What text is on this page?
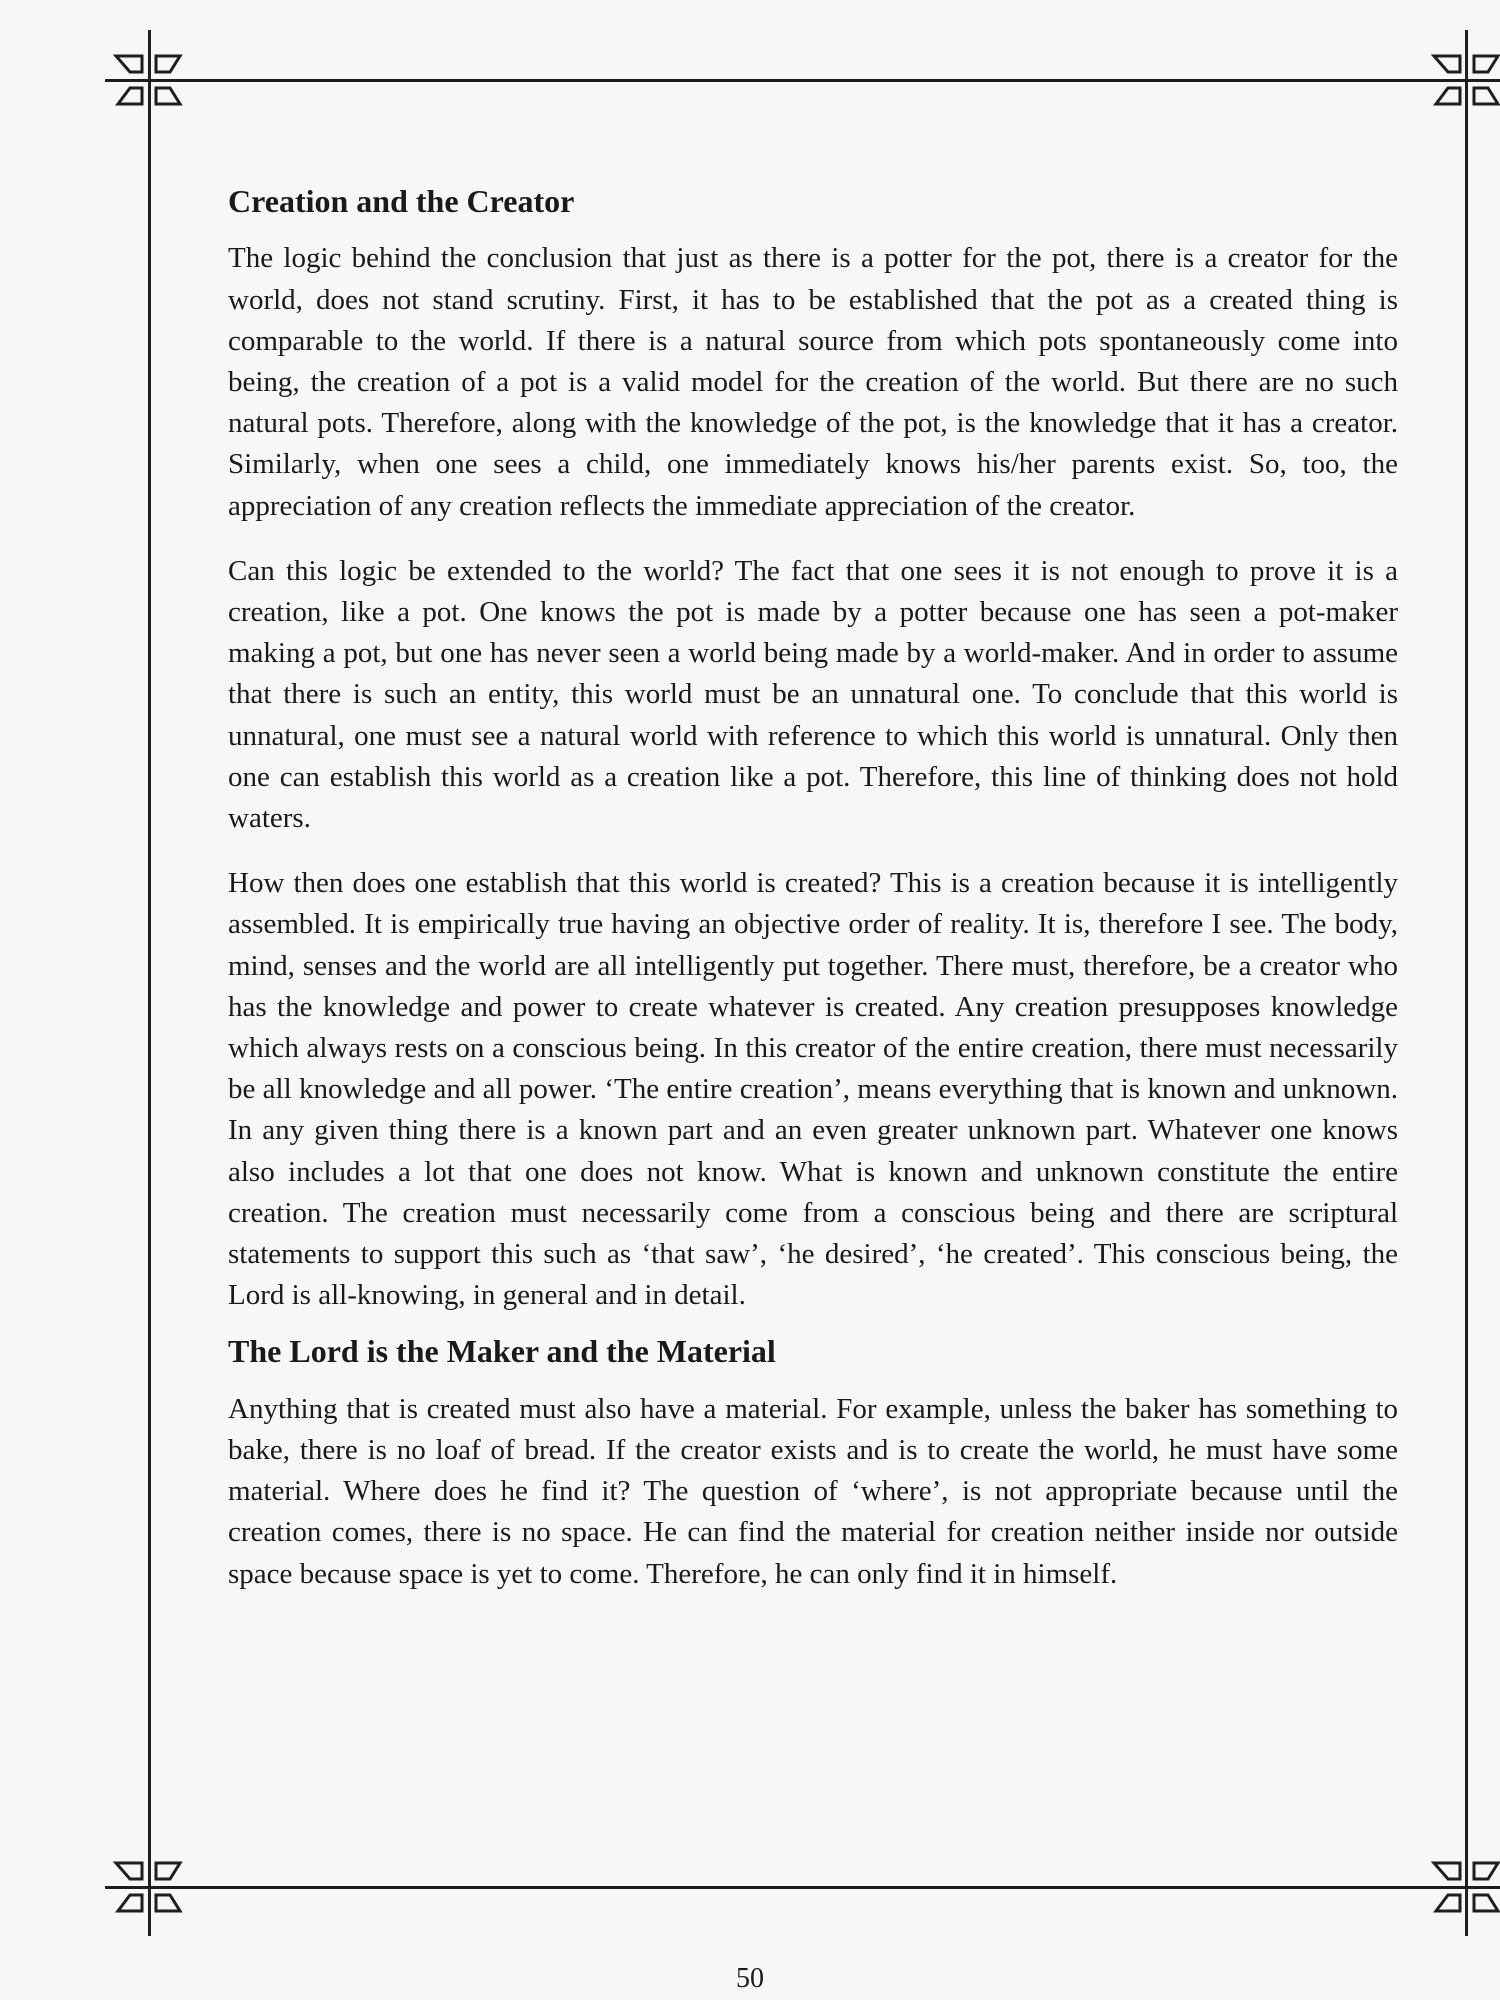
Creation and the Creator

The logic behind the conclusion that just as there is a potter for the pot, there is a creator for the world, does not stand scrutiny. First, it has to be established that the pot as a created thing is comparable to the world. If there is a natural source from which pots spontaneously come into being, the creation of a pot is a valid model for the creation of the world. But there are no such natural pots. Therefore, along with the knowledge of the pot, is the knowledge that it has a creator. Similarly, when one sees a child, one immediately knows his/her parents exist. So, too, the appreciation of any creation reflects the immediate appreciation of the creator.

Can this logic be extended to the world? The fact that one sees it is not enough to prove it is a creation, like a pot. One knows the pot is made by a potter because one has seen a pot-maker making a pot, but one has never seen a world being made by a world-maker. And in order to assume that there is such an entity, this world must be an unnatural one. To conclude that this world is unnatural, one must see a natural world with reference to which this world is unnatural. Only then one can establish this world as a creation like a pot. Therefore, this line of thinking does not hold waters.

How then does one establish that this world is created? This is a creation because it is intelligently assembled. It is empirically true having an objective order of reality. It is, therefore I see. The body, mind, senses and the world are all intelligently put together. There must, therefore, be a creator who has the knowledge and power to create whatever is created. Any creation presupposes knowledge which always rests on a conscious being. In this creator of the entire creation, there must necessarily be all knowledge and all power. ‘The entire creation’, means everything that is known and unknown. In any given thing there is a known part and an even greater unknown part. Whatever one knows also includes a lot that one does not know. What is known and unknown constitute the entire creation. The creation must necessarily come from a conscious being and there are scriptural statements to support this such as ‘that saw’, ‘he desired’, ‘he created’. This conscious being, the Lord is all-knowing, in general and in detail.

The Lord is the Maker and the Material

Anything that is created must also have a material. For example, unless the baker has something to bake, there is no loaf of bread. If the creator exists and is to create the world, he must have some material. Where does he find it? The question of ‘where’, is not appropriate because until the creation comes, there is no space. He can find the material for creation neither inside nor outside space because space is yet to come. Therefore, he can only find it in himself.

50
